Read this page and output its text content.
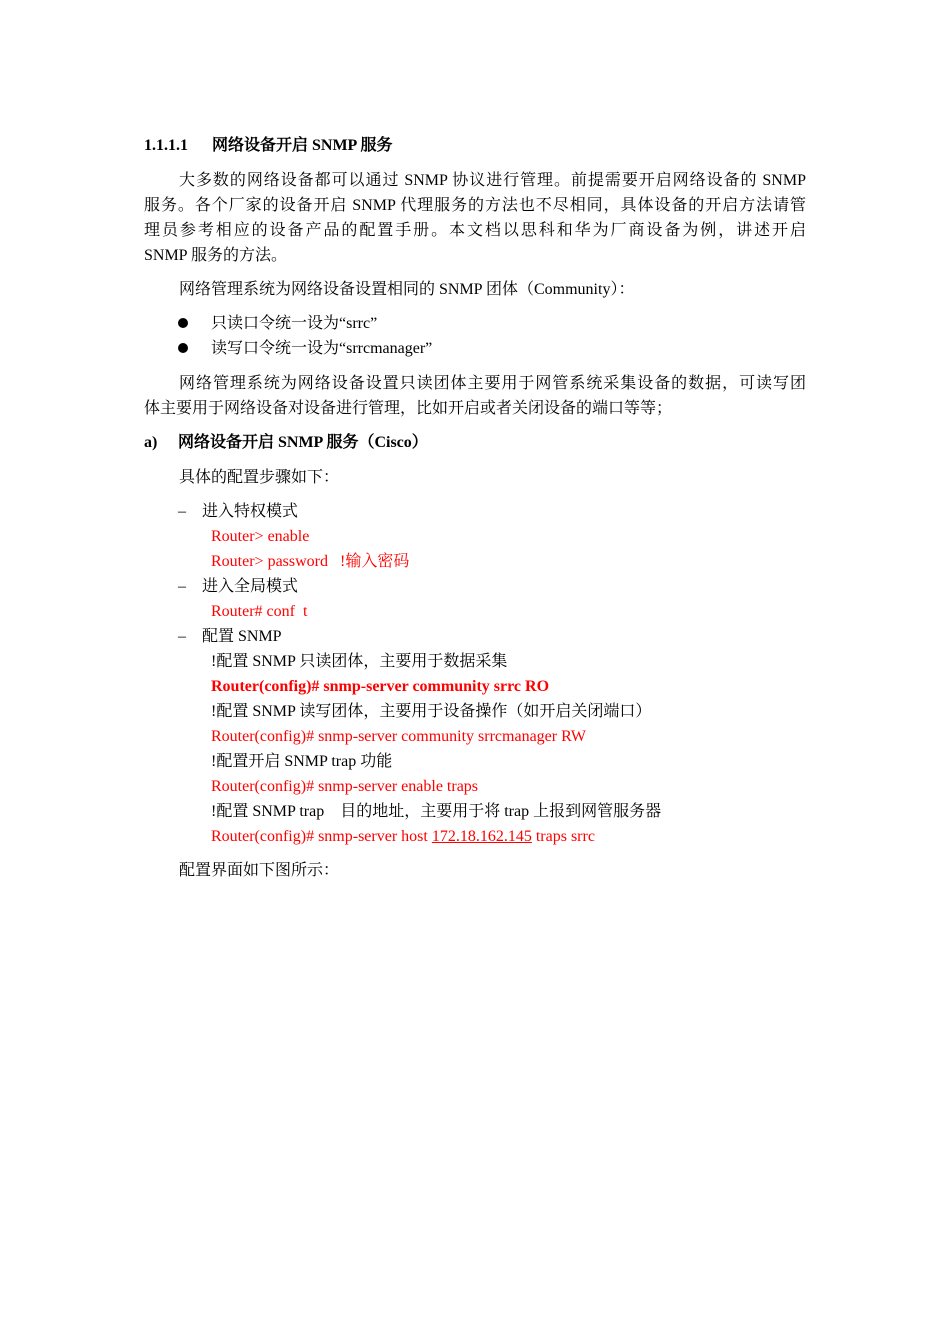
1.1.1.1 网络设备开启 SNMP 服务
大多数的网络设备都可以通过 SNMP 协议进行管理。前提需要开启网络设备的 SNMP
服务。各个厂家的设备开启 SNMP 代理服务的方法也不尽相同，具体设备的开启方法请管
理员参考相应的设备产品的配置手册。本文档以思科和华为厂商设备为例，讲述开启
SNMP 服务的方法。
网络管理系统为网络设备设置相同的 SNMP 团体（Community）：
只读口令统一设为“srrc”
读写口令统一设为“srrcmanager”
网络管理系统为网络设备设置只读团体主要用于网管系统采集设备的数据，可读写团
体主要用于网络设备对设备进行管理，比如开启或者关闭设备的端口等等；
a) 网络设备开启 SNMP 服务（Cisco）
具体的配置步骤如下：
– 进入特权模式
Router> enable
Router> password   !输入密码
– 进入全局模式
Router# conf  t
– 配置 SNMP
!配置 SNMP 只读团体，主要用于数据采集
Router(config)# snmp-server community srrc RO
!配置 SNMP 读写团体，主要用于设备操作（如开启关闭端口）
Router(config)# snmp-server community srrcmanager RW
!配置开启 SNMP trap 功能
Router(config)# snmp-server enable traps
!配置 SNMP trap    目的地址，主要用于将 trap 上报到网管服务器
Router(config)# snmp-server host 172.18.162.145 traps srrc
配置界面如下图所示：
